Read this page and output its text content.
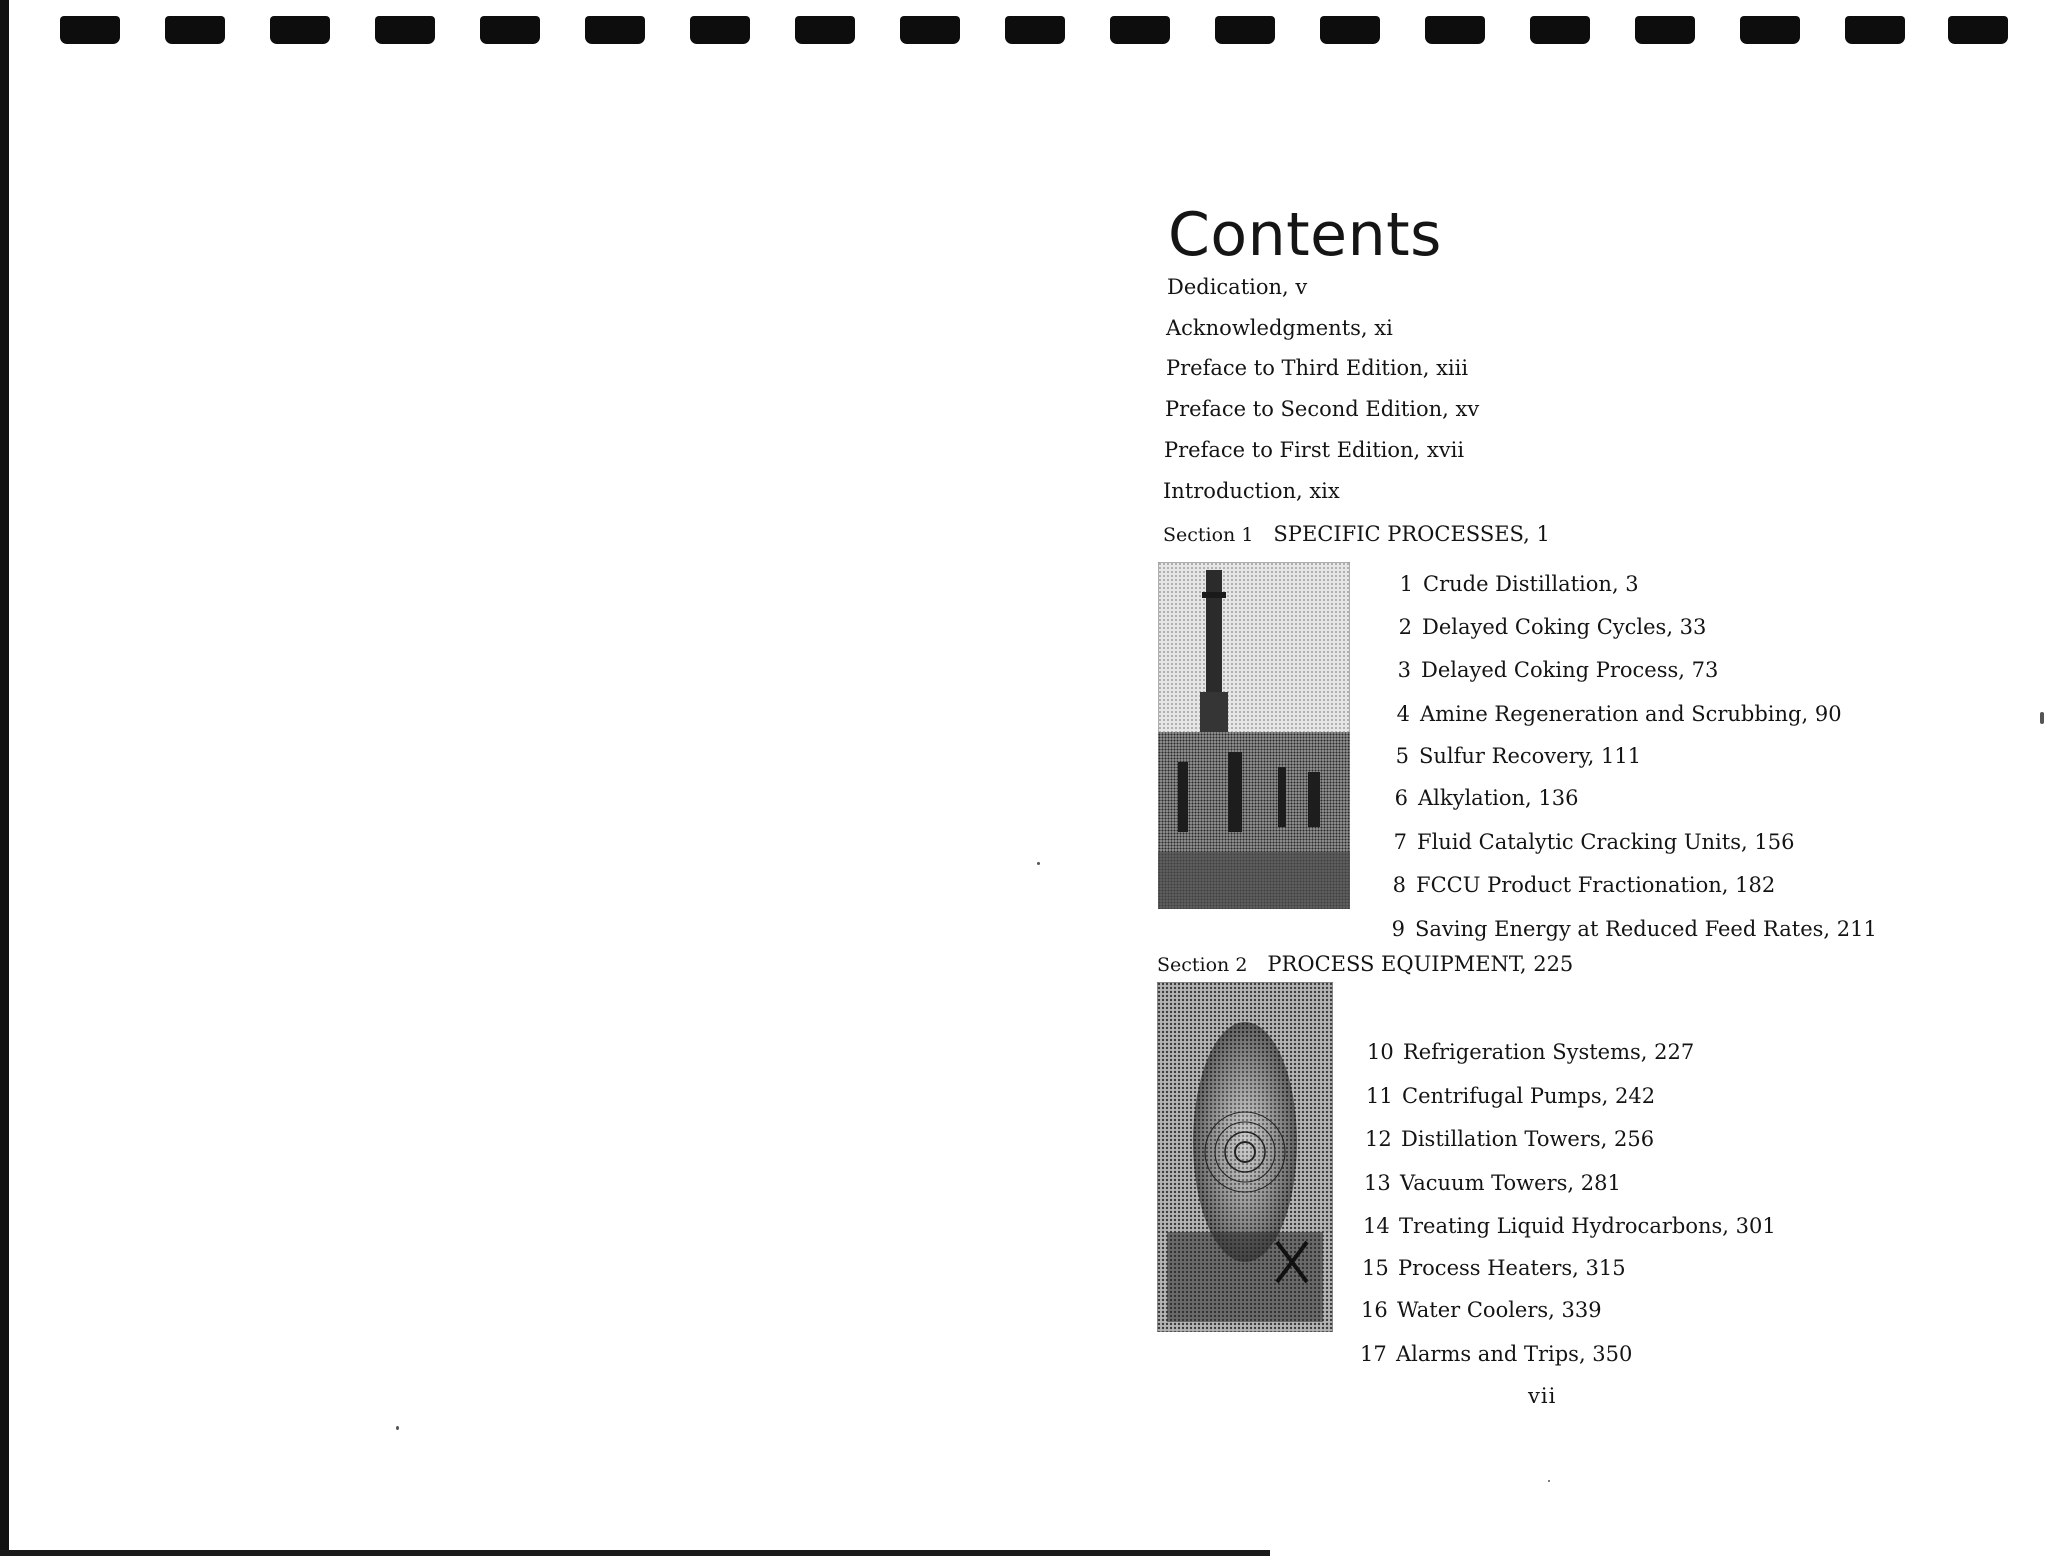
Contents
Dedication, v
Acknowledgments, xi
Preface to Third Edition, xiii
Preface to Second Edition, xv
Preface to First Edition, xvii
Introduction, xix
Section 1 SPECIFIC PROCESSES, 1
1 Crude Distillation, 3
2 Delayed Coking Cycles, 33
3 Delayed Coking Process, 73
4 Amine Regeneration and Scrubbing, 90
5 Sulfur Recovery, 111
6 Alkylation, 136
7 Fluid Catalytic Cracking Units, 156
8 FCCU Product Fractionation, 182
9 Saving Energy at Reduced Feed Rates, 211
Section 2 PROCESS EQUIPMENT, 225
10 Refrigeration Systems, 227
11 Centrifugal Pumps, 242
12 Distillation Towers, 256
13 Vacuum Towers, 281
14 Treating Liquid Hydrocarbons, 301
15 Process Heaters, 315
16 Water Coolers, 339
17 Alarms and Trips, 350
vii
